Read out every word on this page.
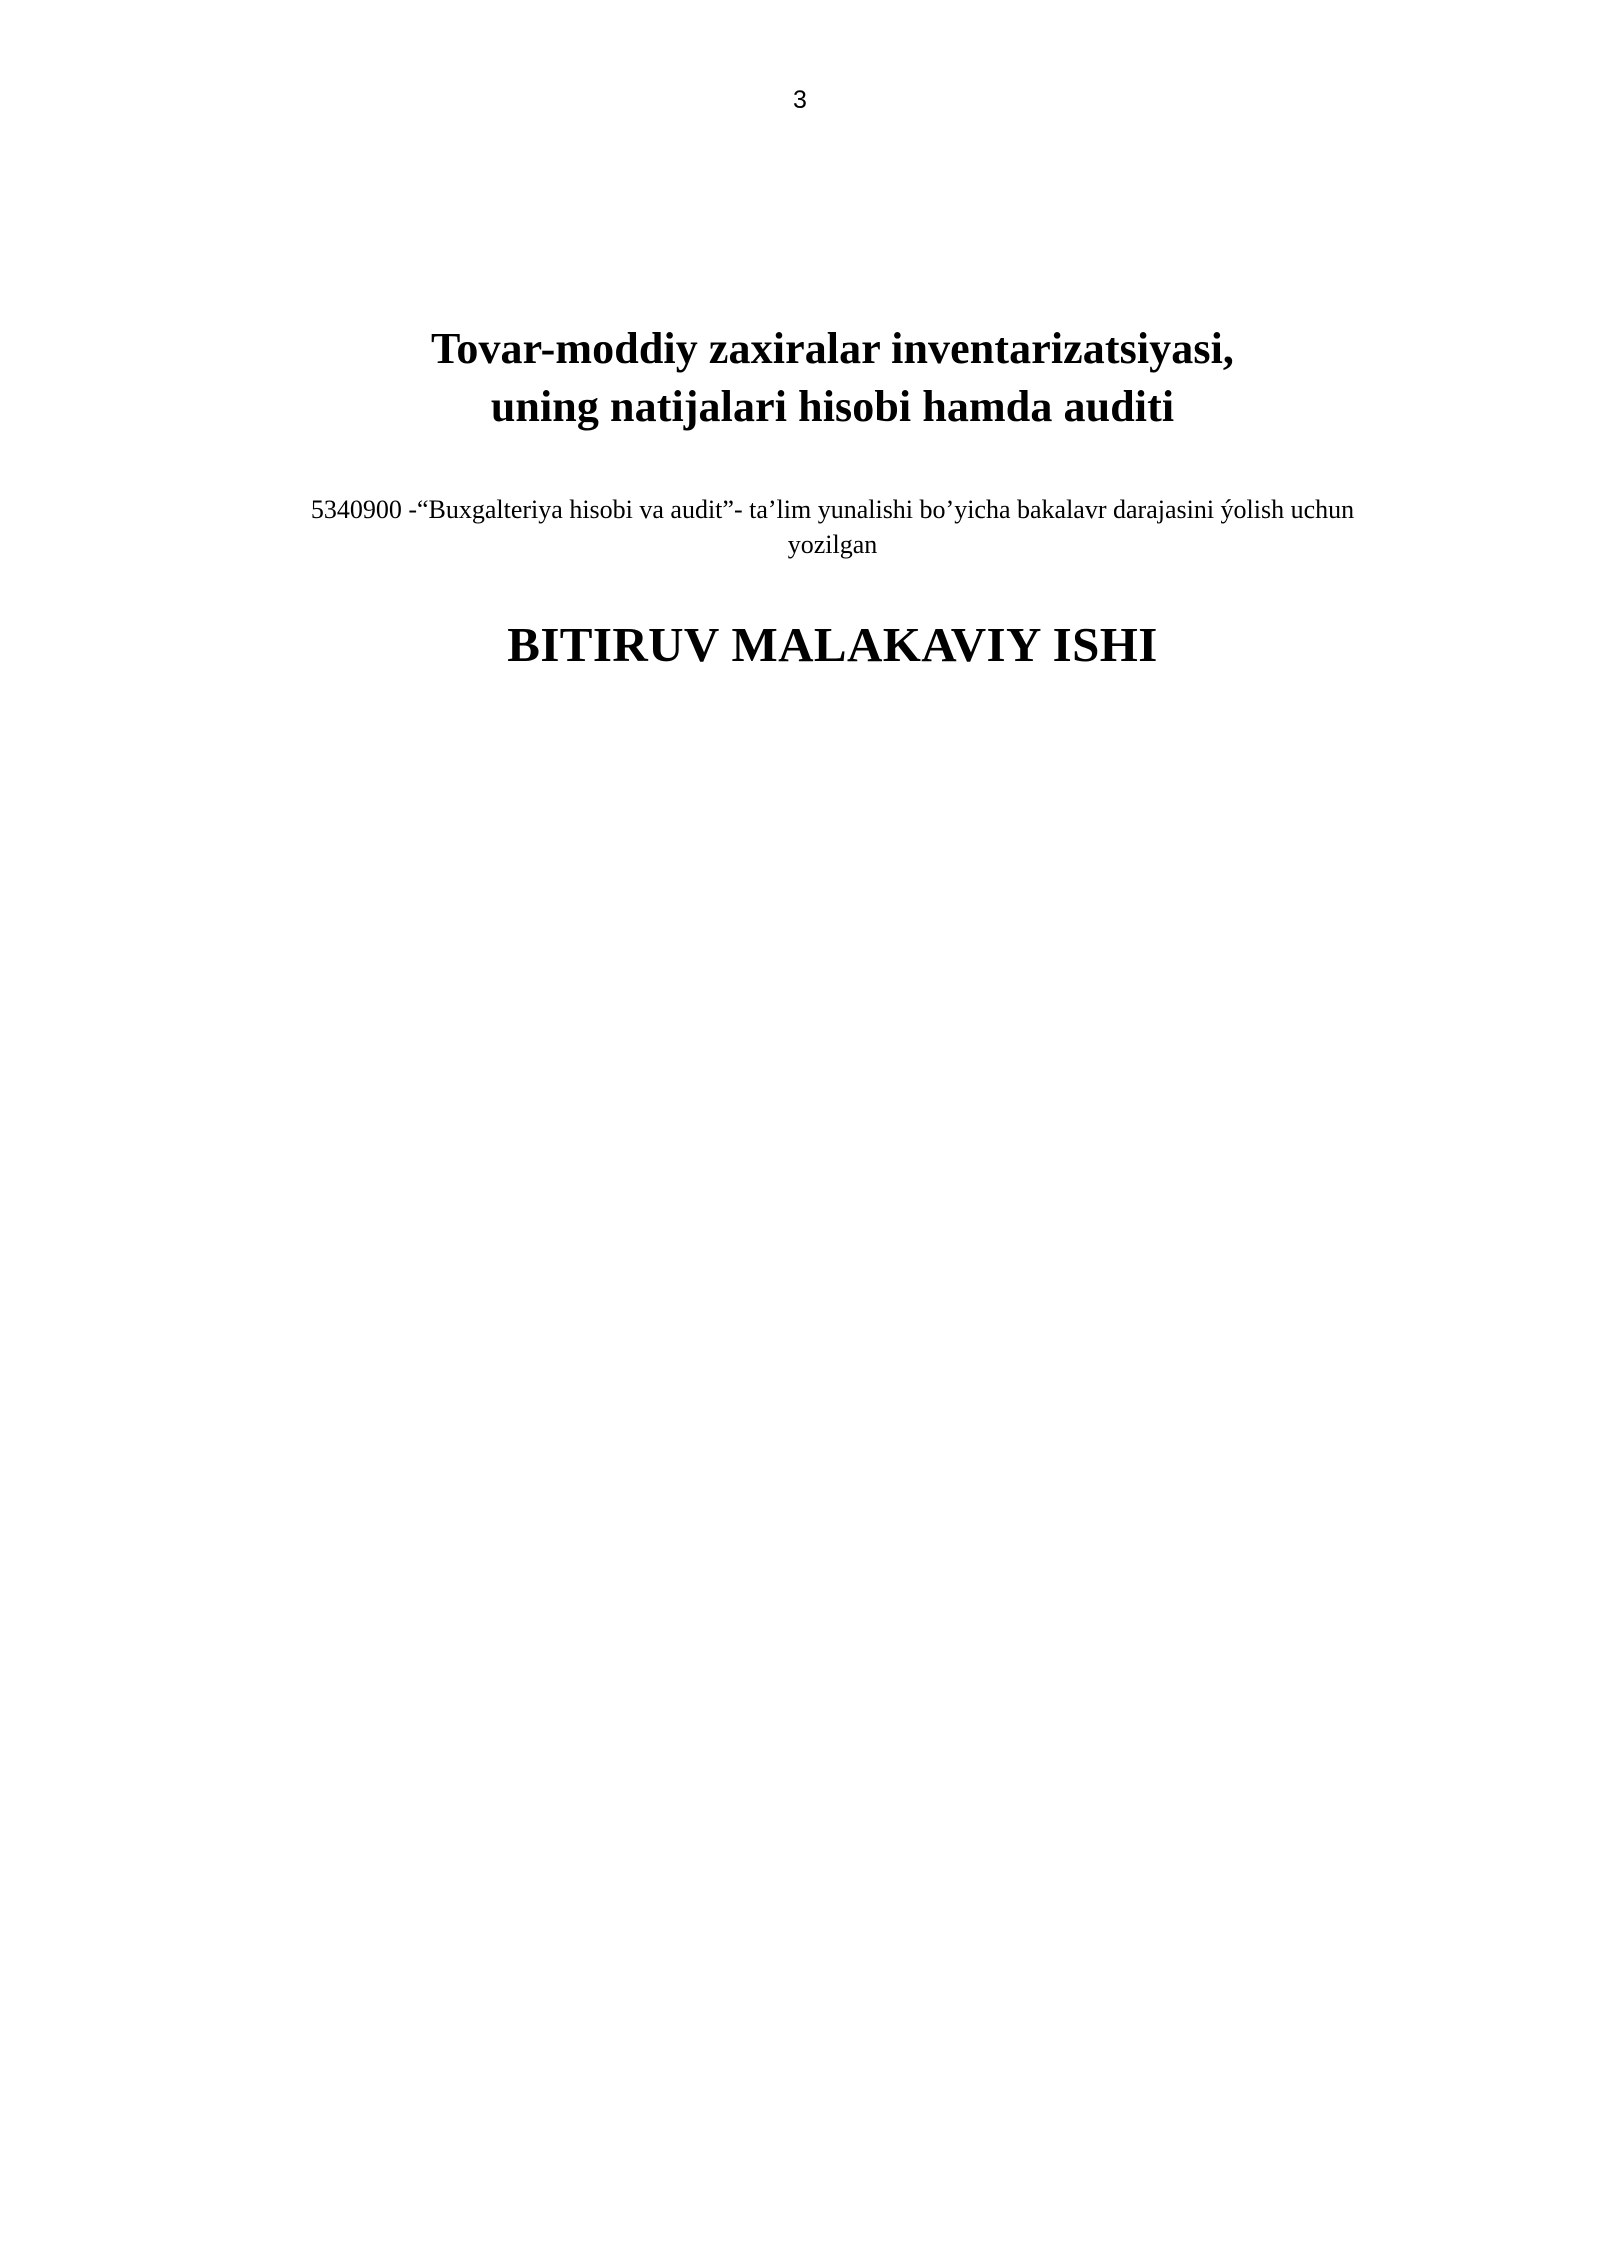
3
Tovar-moddiy zaxiralar inventarizatsiyasi,
uning natijalari hisobi hamda auditi

5340900 -“Buxgalteriya hisobi va audit”- ta’lim yunalishi bo’yicha bakalavr darajasini ýolish uchun
yozilgan

BITIRUV MALAKAVIY ISHI
